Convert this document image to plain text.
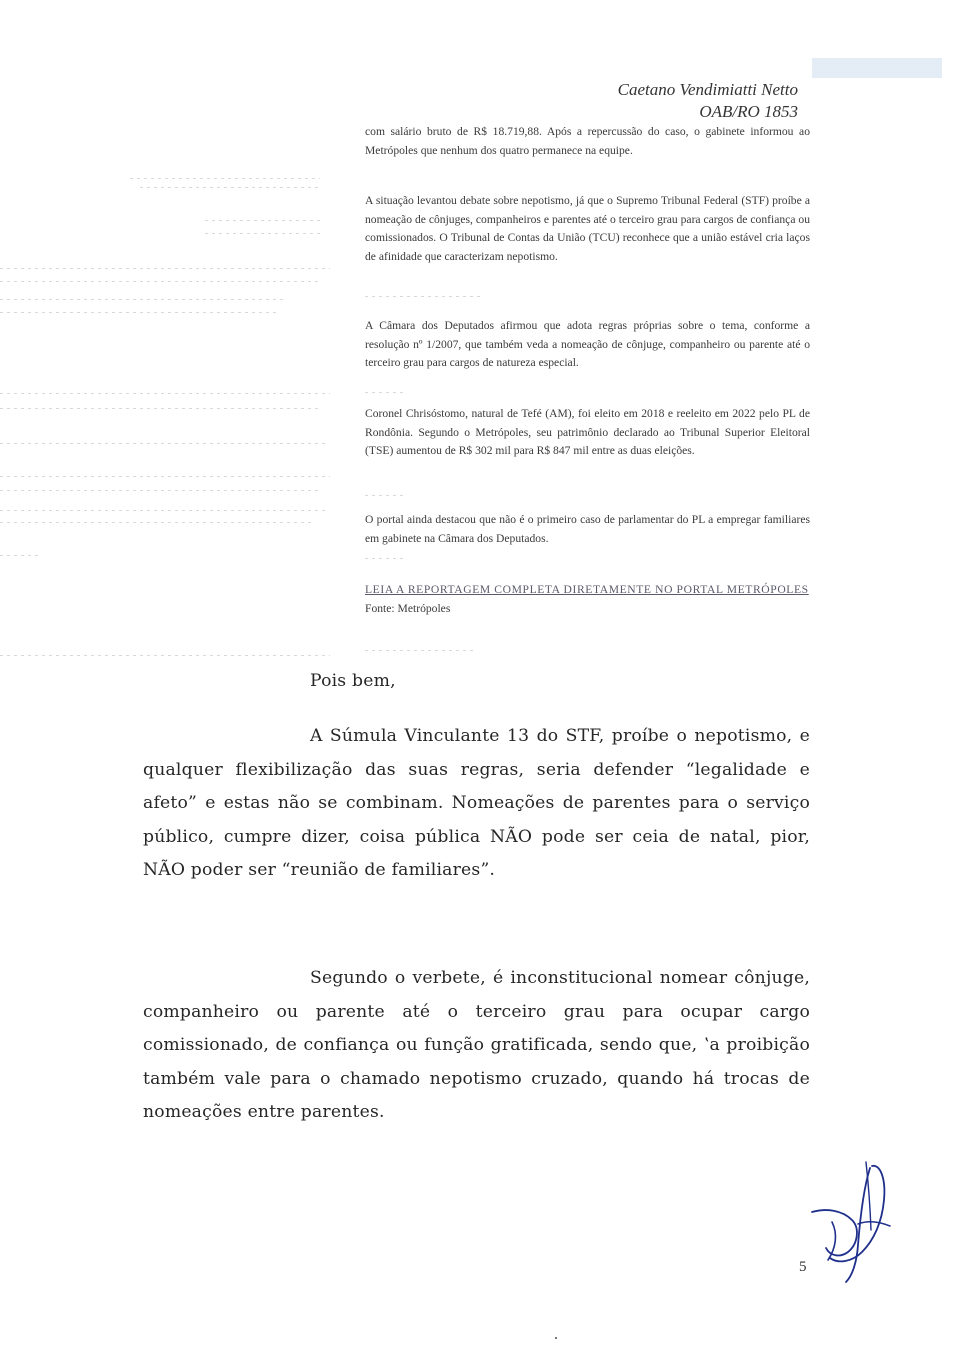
Caetano Vendimiatti Netto
OAB/RO 1853

com salário bruto de R$ 18.719,88. Após a repercussão do caso, o gabinete informou ao Metrópoles que nenhum dos quatro permanece na equipe.

A situação levantou debate sobre nepotismo, já que o Supremo Tribunal Federal (STF) proíbe a nomeação de cônjuges, companheiros e parentes até o terceiro grau para cargos de confiança ou comissionados. O Tribunal de Contas da União (TCU) reconhece que a união estável cria laços de afinidade que caracterizam nepotismo.

A Câmara dos Deputados afirmou que adota regras próprias sobre o tema, conforme a resolução nº 1/2007, que também veda a nomeação de cônjuge, companheiro ou parente até o terceiro grau para cargos de natureza especial.

Coronel Chrisóstomo, natural de Tefé (AM), foi eleito em 2018 e reeleito em 2022 pelo PL de Rondônia. Segundo o Metrópoles, seu patrimônio declarado ao Tribunal Superior Eleitoral (TSE) aumentou de R$ 302 mil para R$ 847 mil entre as duas eleições.

O portal ainda destacou que não é o primeiro caso de parlamentar do PL a empregar familiares em gabinete na Câmara dos Deputados.

LEIA A REPORTAGEM COMPLETA DIRETAMENTE NO PORTAL METRÓPOLES

Fonte: Metrópoles

Pois bem,

A Súmula Vinculante 13 do STF, proíbe o nepotismo, e qualquer flexibilização das suas regras, seria defender “legalidade e afeto” e estas não se combinam. Nomeações de parentes para o serviço público, cumpre dizer, coisa pública NÃO pode ser ceia de natal, pior, NÃO poder ser “reunião de familiares”.

Segundo o verbete, é inconstitucional nomear cônjuge, companheiro ou parente até o terceiro grau para ocupar cargo comissionado, de confiança ou função gratificada, sendo que, ʽa proibição também vale para o chamado nepotismo cruzado, quando há trocas de nomeações entre parentes.

5
